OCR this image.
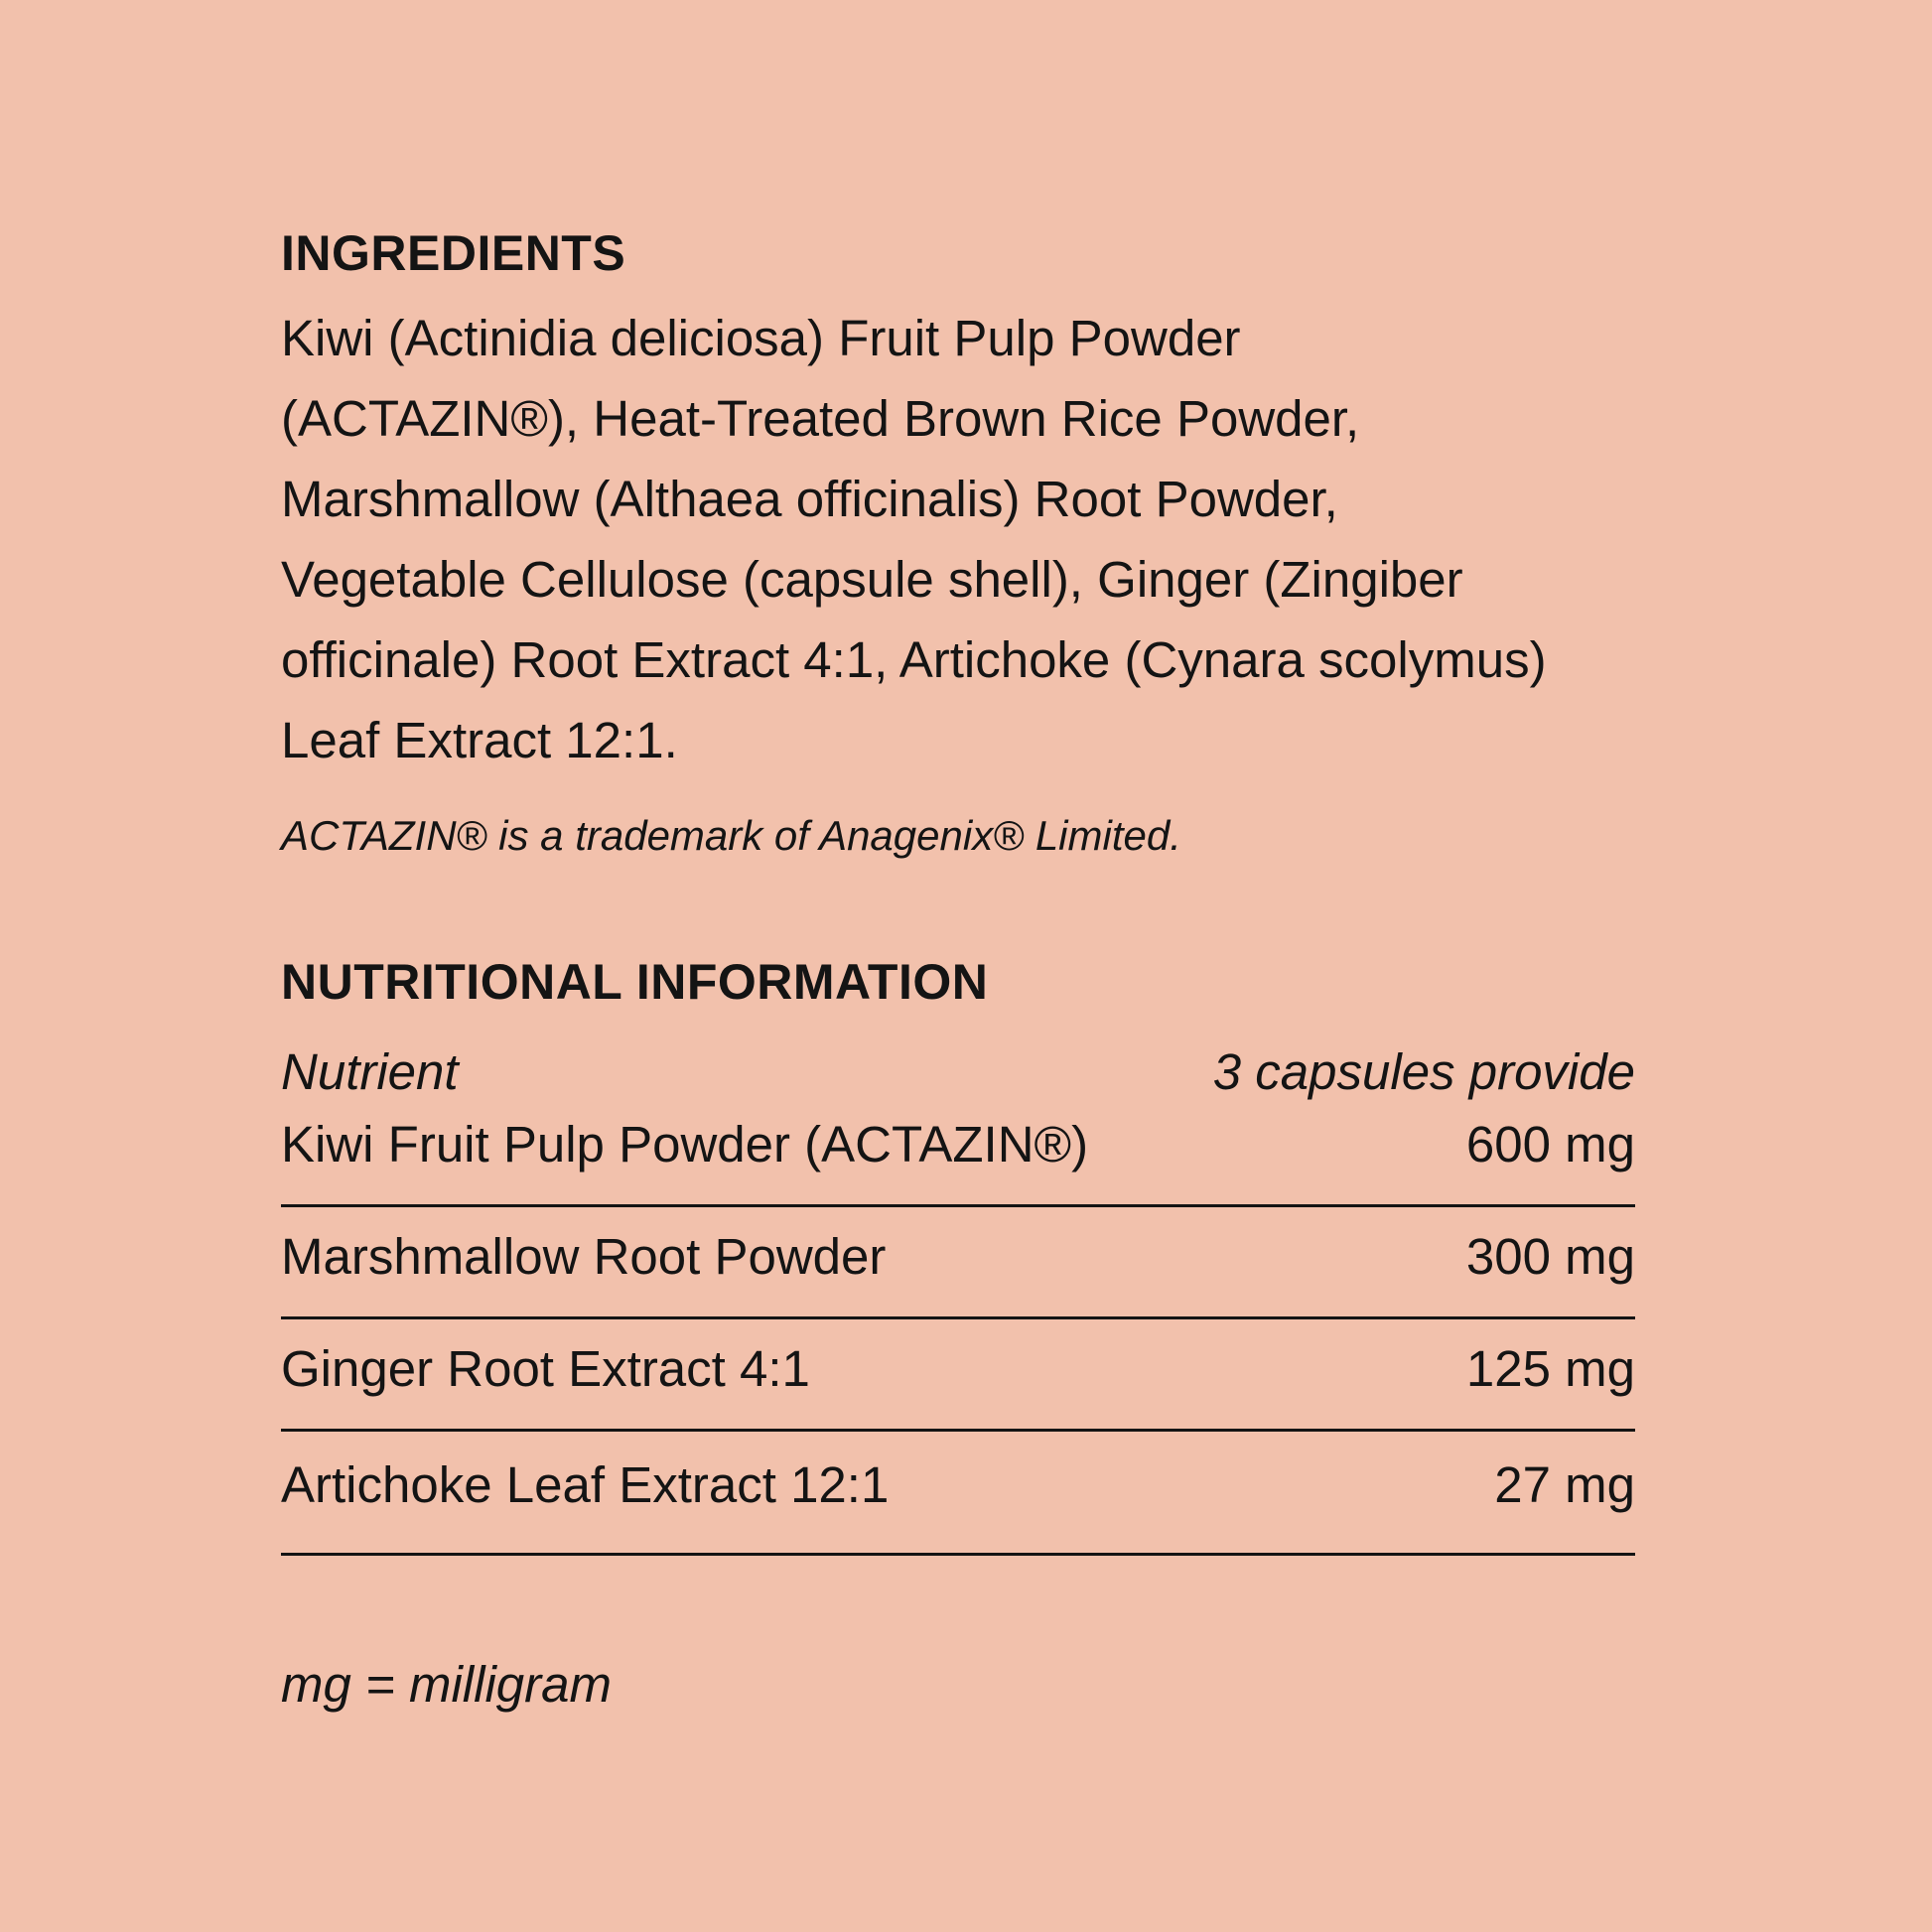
INGREDIENTS

Kiwi (Actinidia deliciosa) Fruit Pulp Powder
(ACTAZIN®), Heat-Treated Brown Rice Powder,
Marshmallow (Althaea officinalis) Root Powder,
Vegetable Cellulose (capsule shell), Ginger (Zingiber
officinale) Root Extract 4:1, Artichoke (Cynara scolymus)
Leaf Extract 12:1.

ACTAZIN® is a trademark of Anagenix® Limited.

NUTRITIONAL INFORMATION
Nutrient	3 capsules provide
Kiwi Fruit Pulp Powder (ACTAZIN®)	600 mg
Marshmallow Root Powder	300 mg
Ginger Root Extract 4:1	125 mg
Artichoke Leaf Extract 12:1	27 mg
mg = milligram
